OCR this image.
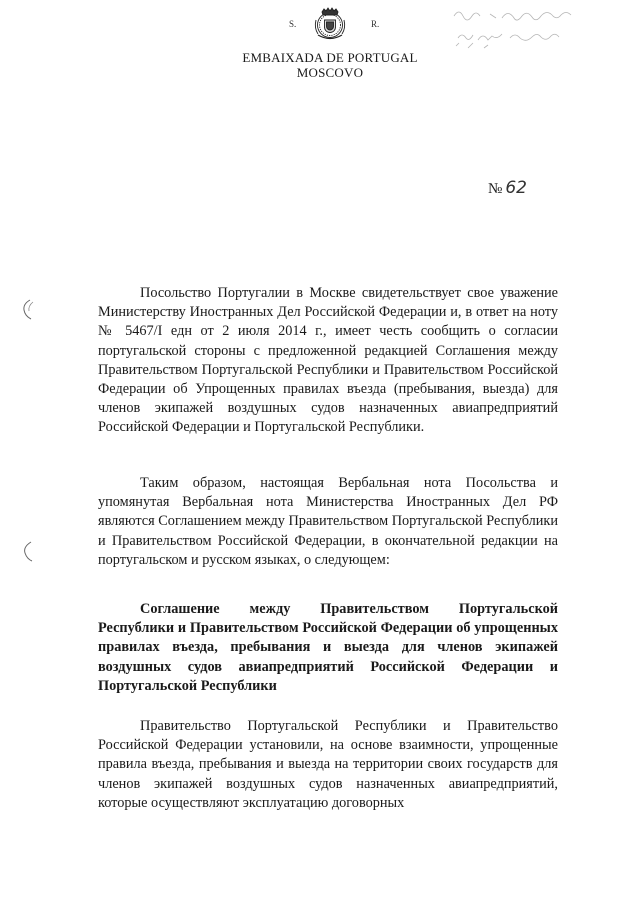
S.	R.
EMBAIXADA DE PORTUGAL
MOSCOVO
№ 62

Посольство Португалии в Москве свидетельствует свое уважение Министерству Иностранных Дел Российской Федерации и, в ответ на ноту № 5467/I едн от 2 июля 2014 г., имеет честь сообщить о согласии португальской стороны с предложенной редакцией Соглашения между Правительством Португальской Республики и Правительством Российской Федерации об Упрощенных правилах въезда (пребывания, выезда) для членов экипажей воздушных судов назначенных авиапредприятий Российской Федерации и Португальской Республики.

Таким образом, настоящая Вербальная нота Посольства и упомянутая Вербальная нота Министерства Иностранных Дел РФ являются Соглашением между Правительством Португальской Республики и Правительством Российской Федерации, в окончательной редакции на португальском и русском языках, о следующем:

Соглашение между Правительством Португальской Республики и Правительством Российской Федерации об упрощенных правилах въезда, пребывания и выезда для членов экипажей воздушных судов авиапредприятий Российской Федерации и Португальской Республики

Правительство Португальской Республики и Правительство Российской Федерации установили, на основе взаимности, упрощенные правила въезда, пребывания и выезда на территории своих государств для членов экипажей воздушных судов назначенных авиапредприятий, которые осуществляют эксплуатацию договорных
